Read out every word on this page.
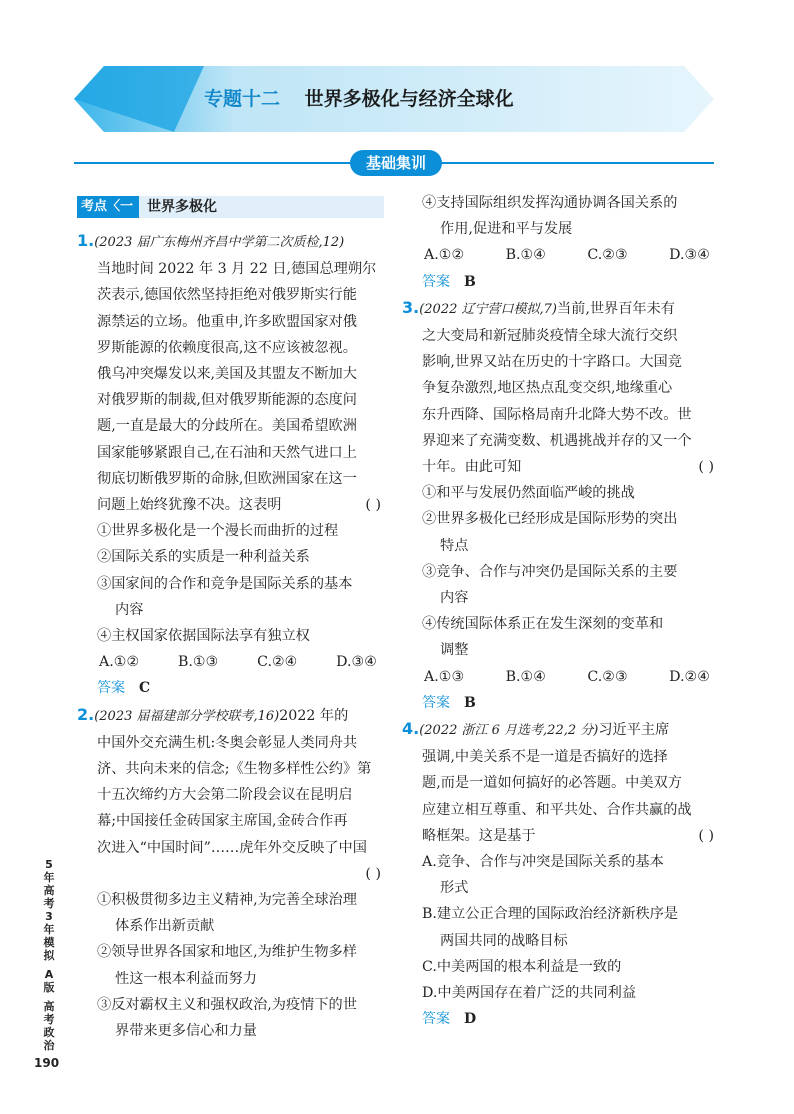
专题十二 世界多极化与经济全球化
基础集训
考点〈一 世界多极化

1.(2023 届广东梅州齐昌中学第二次质检,12)

当地时间 2022 年 3 月 22 日,德国总理朔尔

茨表示,德国依然坚持拒绝对俄罗斯实行能

源禁运的立场。他重申,许多欧盟国家对俄

罗斯能源的依赖度很高,这不应该被忽视。

俄乌冲突爆发以来,美国及其盟友不断加大

对俄罗斯的制裁,但对俄罗斯能源的态度问

题,一直是最大的分歧所在。美国希望欧洲

国家能够紧跟自己,在石油和天然气进口上

彻底切断俄罗斯的命脉,但欧洲国家在这一

问题上始终犹豫不决。这表明	( )

①世界多极化是一个漫长而曲折的过程

②国际关系的实质是一种利益关系

③国家间的合作和竞争是国际关系的基本

内容

④主权国家依据国际法享有独立权

A.①②	B.①③	C.②④	D.③④

答案 C

2.(2023 届福建部分学校联考,16)2022 年的

中国外交充满生机:冬奥会彰显人类同舟共

济、共向未来的信念;《生物多样性公约》第

十五次缔约方大会第二阶段会议在昆明启

幕;中国接任金砖国家主席国,金砖合作再

次进入“中国时间”……虎年外交反映了中国

( )

①积极贯彻多边主义精神,为完善全球治理

体系作出新贡献

②领导世界各国家和地区,为维护生物多样

性这一根本利益而努力

③反对霸权主义和强权政治,为疫情下的世

界带来更多信心和力量

④支持国际组织发挥沟通协调各国关系的

作用,促进和平与发展

A.①②	B.①④	C.②③	D.③④

答案 B

3.(2022 辽宁营口模拟,7)当前,世界百年未有

之大变局和新冠肺炎疫情全球大流行交织

影响,世界又站在历史的十字路口。大国竞

争复杂激烈,地区热点乱变交织,地缘重心

东升西降、国际格局南升北降大势不改。世

界迎来了充满变数、机遇挑战并存的又一个

十年。由此可知	( )

①和平与发展仍然面临严峻的挑战

②世界多极化已经形成是国际形势的突出

特点

③竞争、合作与冲突仍是国际关系的主要

内容

④传统国际体系正在发生深刻的变革和

调整

A.①③	B.①④	C.②③	D.②④

答案 B

4.(2022 浙江 6 月选考,22,2 分)习近平主席

强调,中美关系不是一道是否搞好的选择

题,而是一道如何搞好的必答题。中美双方

应建立相互尊重、和平共处、合作共赢的战

略框架。这是基于	( )

A.竞争、合作与冲突是国际关系的基本

形式

B.建立公正合理的国际政治经济新秩序是

两国共同的战略目标

C.中美两国的根本利益是一致的

D.中美两国存在着广泛的共同利益

答案 D

5
年
高
考
3
年
模
拟
A
版
高
考
政
治
190
